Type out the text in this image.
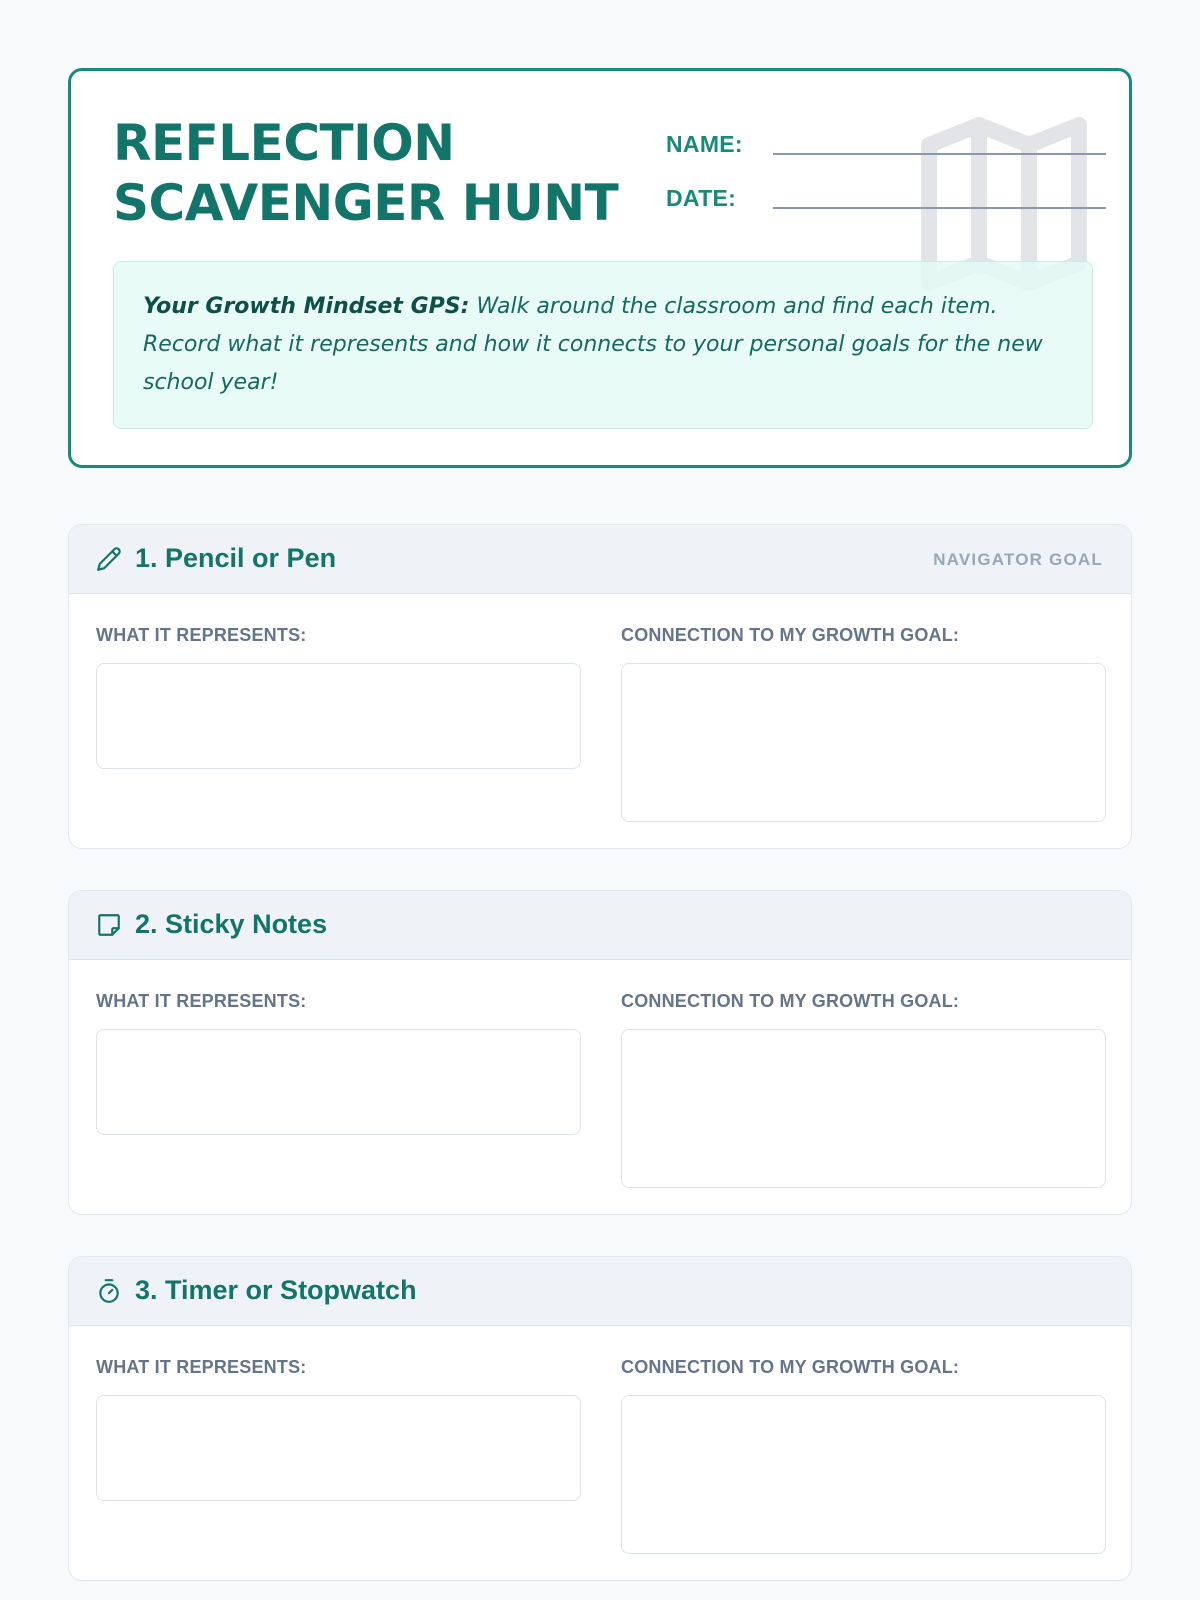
REFLECTION
SCAVENGER HUNT
NAME:
DATE:
Your Growth Mindset GPS: Walk around the classroom and find each item. Record what it represents and how it connects to your personal goals for the new school year!
1. Pencil or Pen	NAVIGATOR GOAL
WHAT IT REPRESENTS:	CONNECTION TO MY GROWTH GOAL:
2. Sticky Notes
WHAT IT REPRESENTS:	CONNECTION TO MY GROWTH GOAL:
3. Timer or Stopwatch
WHAT IT REPRESENTS:	CONNECTION TO MY GROWTH GOAL:
